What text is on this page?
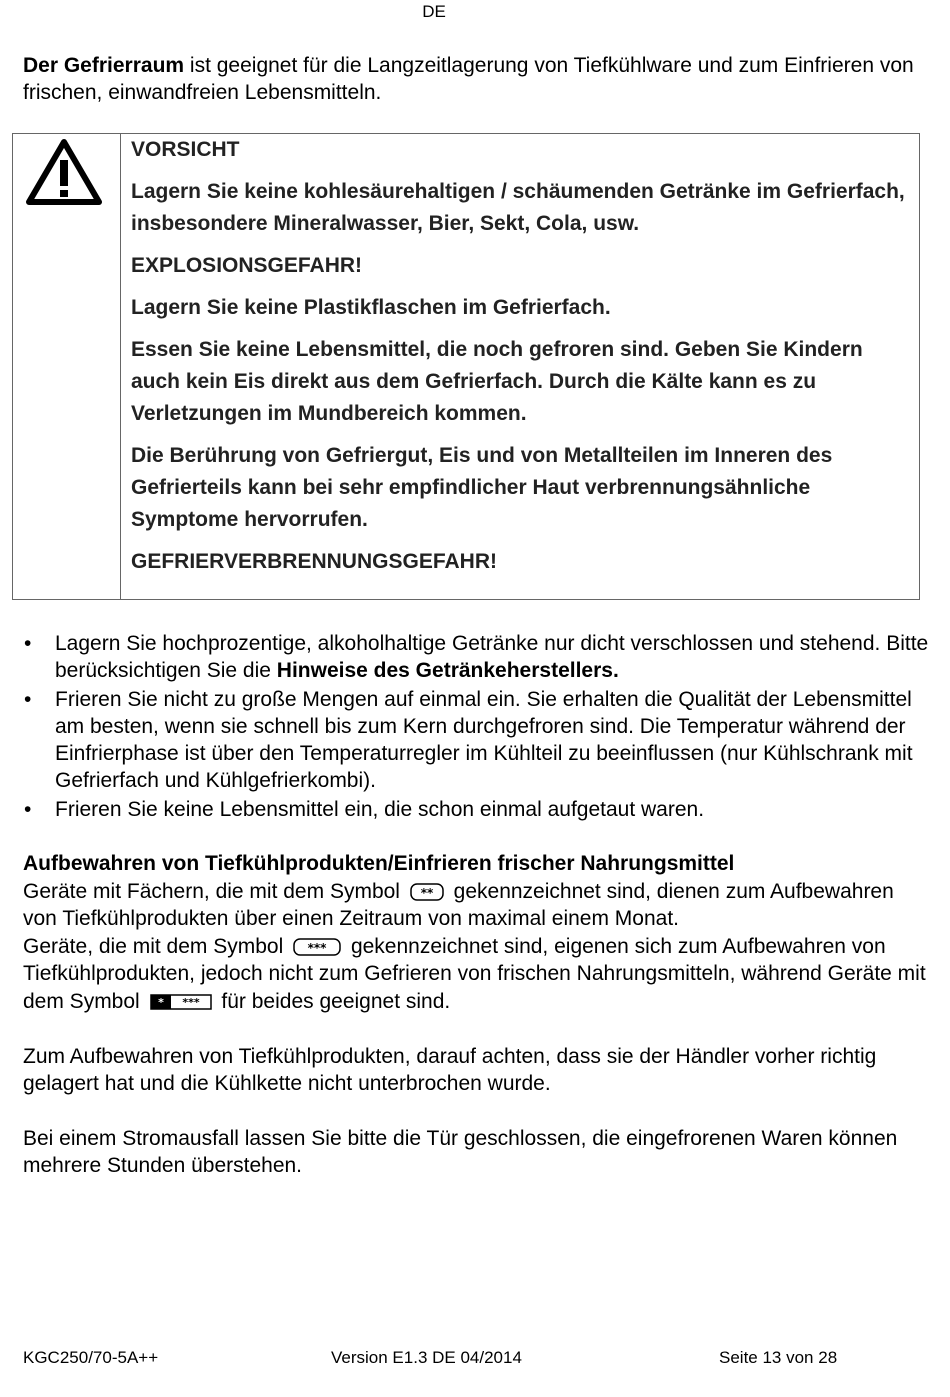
DE
Der Gefrierraum ist geeignet für die Langzeitlagerung von Tiefkühlware und zum Einfrieren von frischen, einwandfreien Lebensmitteln.

VORSICHT

Lagern Sie keine kohlesäurehaltigen / schäumenden Getränke im Gefrierfach, insbesondere Mineralwasser, Bier, Sekt, Cola, usw.

EXPLOSIONSGEFAHR!

Lagern Sie keine Plastikflaschen im Gefrierfach.

Essen Sie keine Lebensmittel, die noch gefroren sind. Geben Sie Kindern auch kein Eis direkt aus dem Gefrierfach. Durch die Kälte kann es zu Verletzungen im Mundbereich kommen.

Die Berührung von Gefriergut, Eis und von Metallteilen im Inneren des Gefrierteils kann bei sehr empfindlicher Haut verbrennungsähnliche Symptome hervorrufen.

GEFRIERVERBRENNUNGSGEFAHR!

• Lagern Sie hochprozentige, alkoholhaltige Getränke nur dicht verschlossen und stehend. Bitte berücksichtigen Sie die Hinweise des Getränkeherstellers.
• Frieren Sie nicht zu große Mengen auf einmal ein. Sie erhalten die Qualität der Lebensmittel am besten, wenn sie schnell bis zum Kern durchgefroren sind. Die Temperatur während der Einfrierphase ist über den Temperaturregler im Kühlteil zu beeinflussen (nur Kühlschrank mit Gefrierfach und Kühlgefrierkombi).
• Frieren Sie keine Lebensmittel ein, die schon einmal aufgetaut waren.

Aufbewahren von Tiefkühlprodukten/Einfrieren frischer Nahrungsmittel

Geräte mit Fächern, die mit dem Symbol ** gekennzeichnet sind, dienen zum Aufbewahren von Tiefkühlprodukten über einen Zeitraum von maximal einem Monat.

Geräte, die mit dem Symbol *** gekennzeichnet sind, eigenen sich zum Aufbewahren von Tiefkühlprodukten, jedoch nicht zum Gefrieren von frischen Nahrungsmitteln, während Geräte mit dem Symbol * *** für beides geeignet sind.

Zum Aufbewahren von Tiefkühlprodukten, darauf achten, dass sie der Händler vorher richtig gelagert hat und die Kühlkette nicht unterbrochen wurde.
Bei einem Stromausfall lassen Sie bitte die Tür geschlossen, die eingefrorenen Waren können mehrere Stunden überstehen.
KGC250/70-5A++	Version E1.3 DE 04/2014	Seite 13 von 28
